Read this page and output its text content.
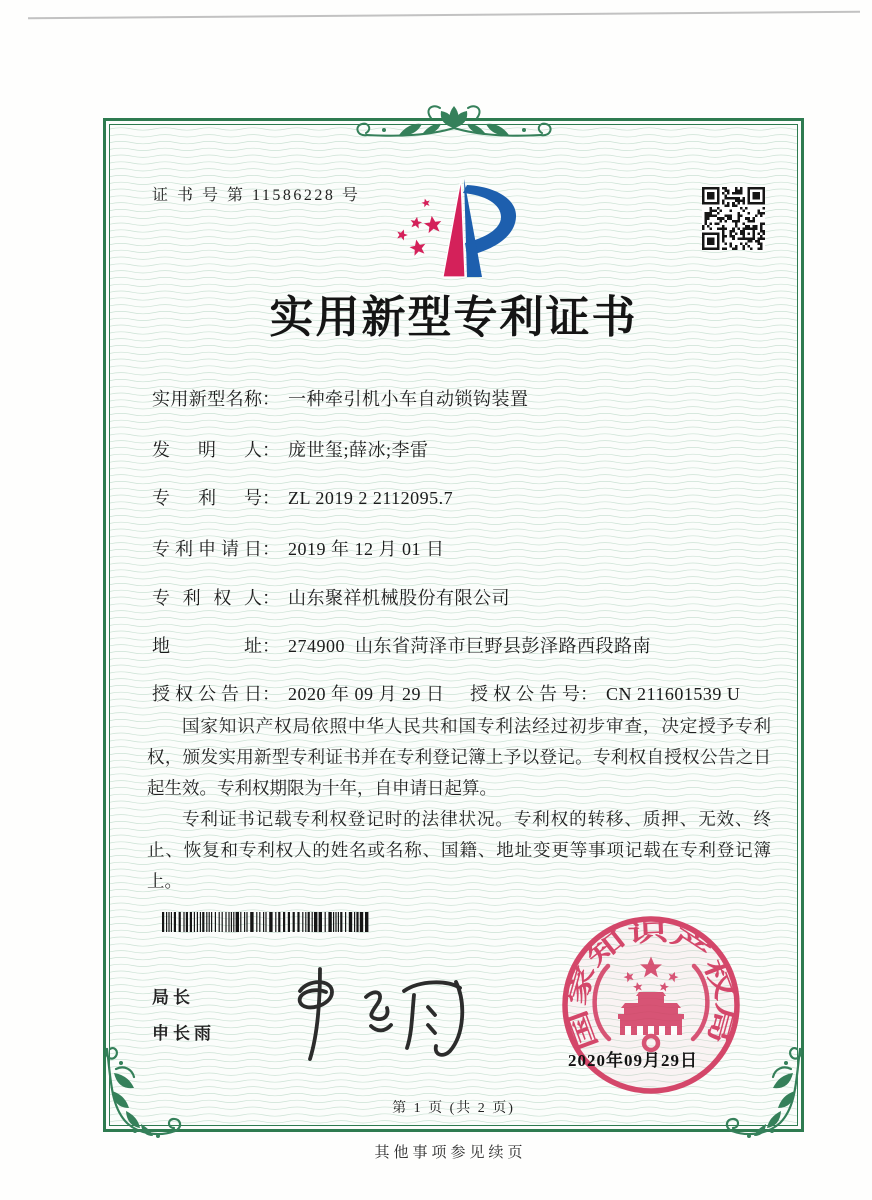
证 书 号 第 11586228 号
实用新型专利证书
实用新型名称 ： 一种牵引机小车自动锁钩装置
发明人 ： 庞世玺;薛冰;李雷
专利号 ： ZL 2019 2 2112095.7
专利申请日 ： 2019 年 12 月 01 日
专利权人 ： 山东聚祥机械股份有限公司
地址 ： 274900  山东省菏泽市巨野县彭泽路西段路南
授权公告日 ： 2020 年 09 月 29 日 授权公告号 ： CN 211601539 U

国家知识产权局依照中华人民共和国专利法经过初步审查，决定授予专利权，颁发实用新型专利证书并在专利登记簿上予以登记。专利权自授权公告之日起生效。专利权期限为十年，自申请日起算。

专利证书记载专利权登记时的法律状况。专利权的转移、质押、无效、终止、恢复和专利权人的姓名或名称、国籍、地址变更等事项记载在专利登记簿上。

局长
申长雨	国家知识产权局
2020年09月29日
第 1 页 (共 2 页)
其他事项参见续页
